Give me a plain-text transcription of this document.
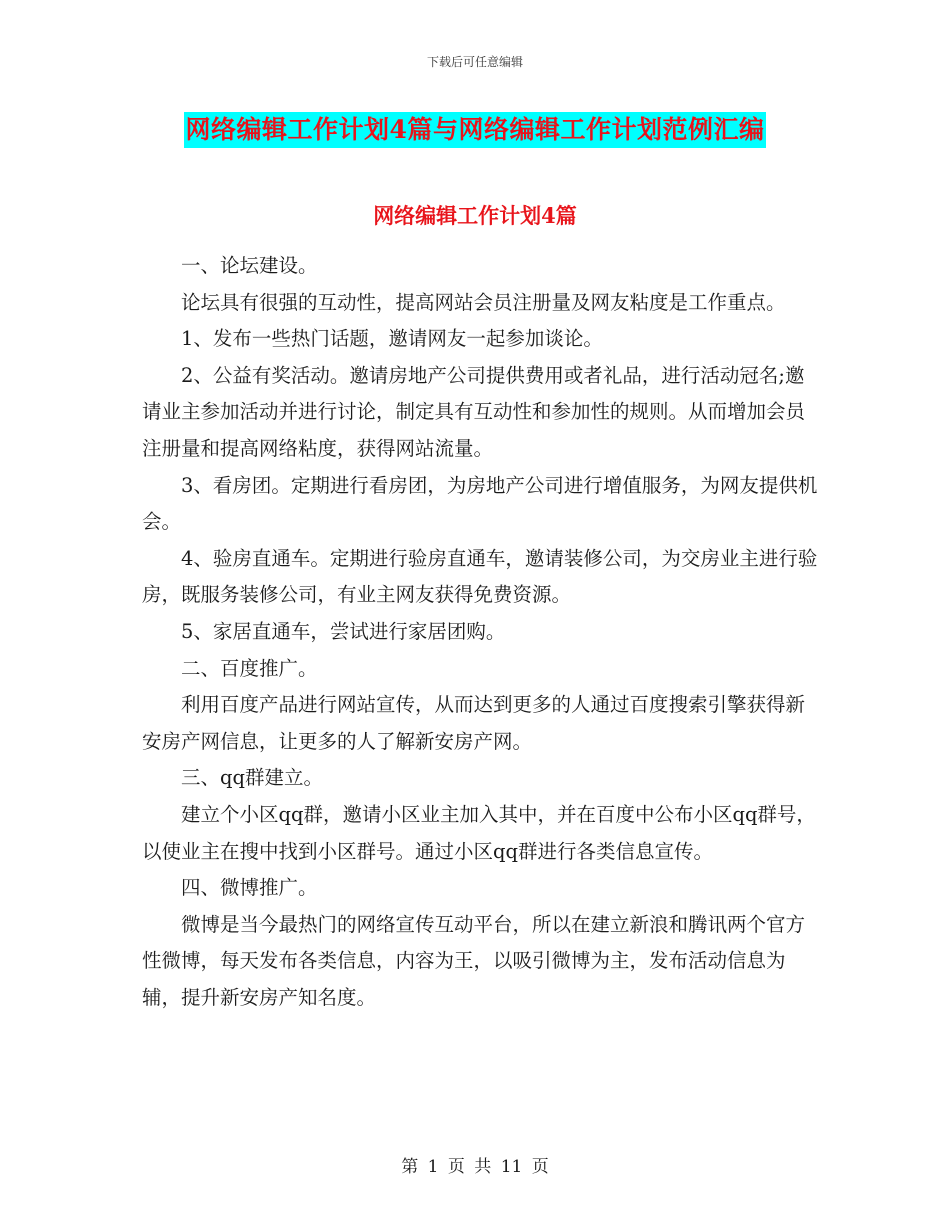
下载后可任意编辑
网络编辑工作计划4篇与网络编辑工作计划范例汇编
网络编辑工作计划4篇

一、论坛建设。

论坛具有很强的互动性，提高网站会员注册量及网友粘度是工作重点。

1、发布一些热门话题，邀请网友一起参加谈论。

2、公益有奖活动。邀请房地产公司提供费用或者礼品，进行活动冠名;邀请业主参加活动并进行讨论，制定具有互动性和参加性的规则。从而增加会员注册量和提高网络粘度，获得网站流量。

3、看房团。定期进行看房团，为房地产公司进行增值服务，为网友提供机会。

4、验房直通车。定期进行验房直通车，邀请装修公司，为交房业主进行验房，既服务装修公司，有业主网友获得免费资源。

5、家居直通车，尝试进行家居团购。

二、百度推广。

利用百度产品进行网站宣传，从而达到更多的人通过百度搜索引擎获得新安房产网信息，让更多的人了解新安房产网。

三、qq群建立。

建立个小区qq群，邀请小区业主加入其中，并在百度中公布小区qq群号，以使业主在搜中找到小区群号。通过小区qq群进行各类信息宣传。

四、微博推广。

微博是当今最热门的网络宣传互动平台，所以在建立新浪和腾讯两个官方性微博，每天发布各类信息，内容为王，以吸引微博为主，发布活动信息为辅，提升新安房产知名度。

第 1 页 共 11 页
